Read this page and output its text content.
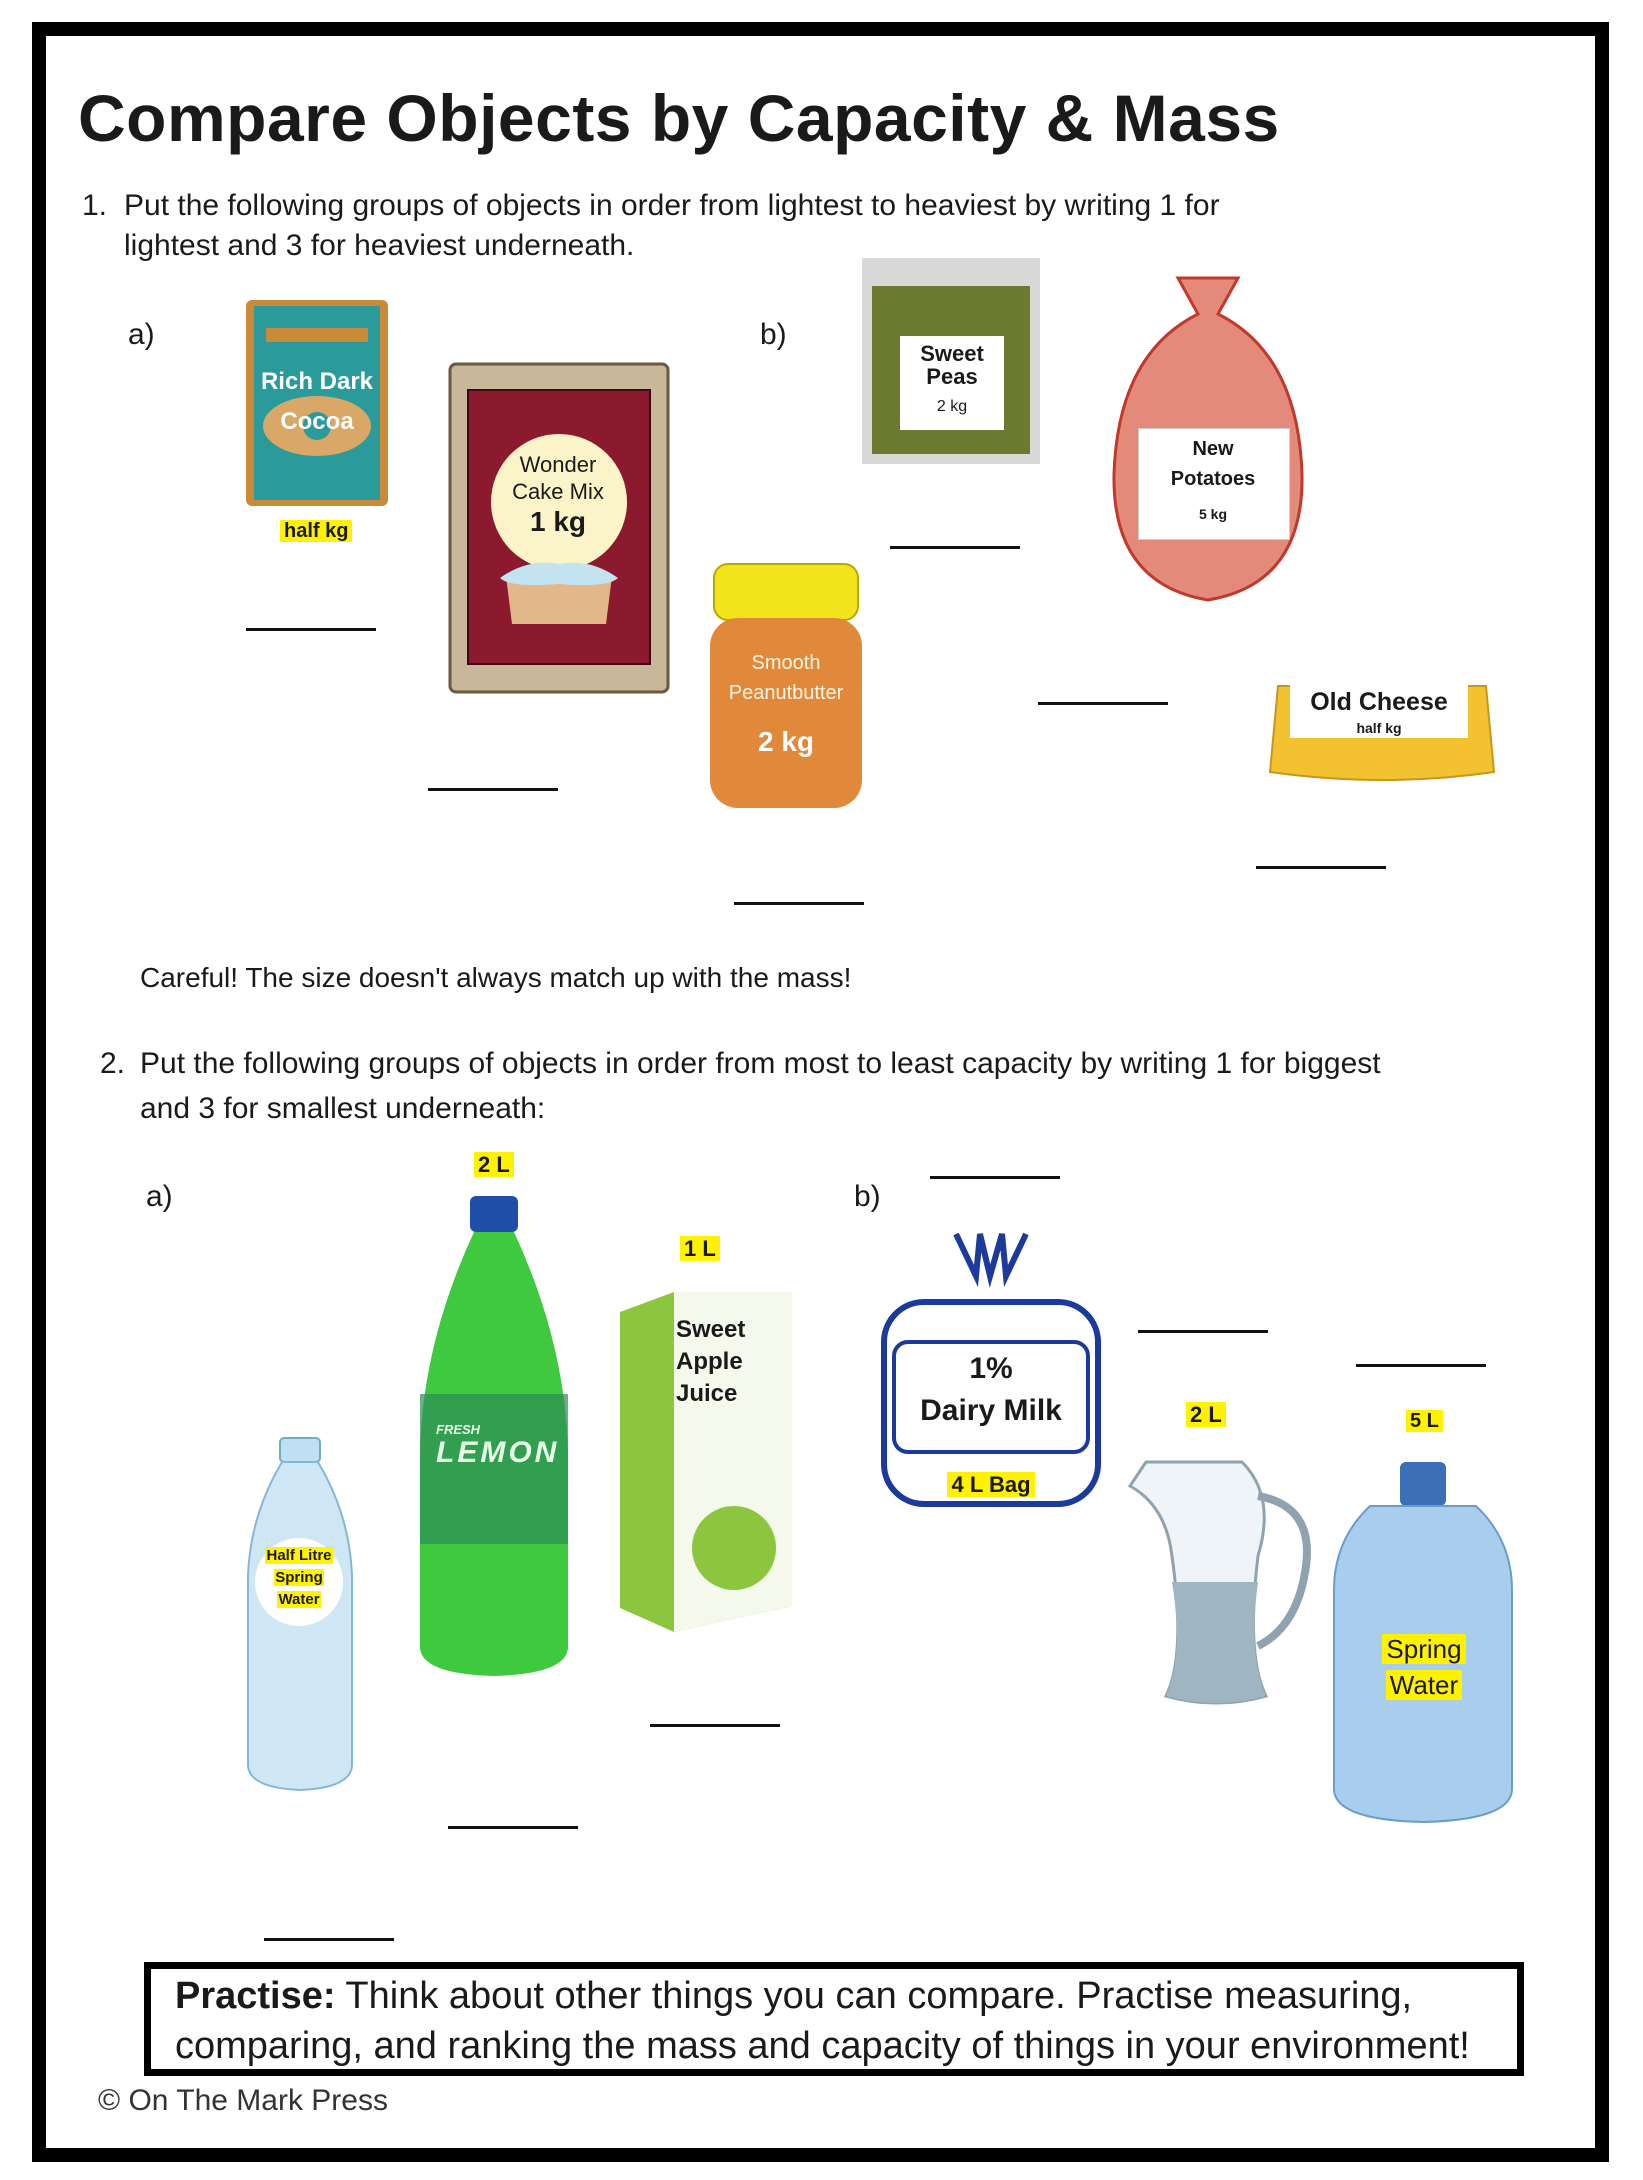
Compare Objects by Capacity & Mass
1. Put the following groups of objects in order from lightest to heaviest by writing 1 for
lightest and 3 for heaviest underneath.
a)	b)
Rich Dark
Cocoa
half kg
Wonder
Cake Mix
1 kg
Smooth
Peanutbutter
2 kg
Sweet
Peas
2 kg
New
Potatoes
5 kg
Old Cheese
half kg
Careful! The size doesn't always match up with the mass!
2. Put the following groups of objects in order from most to least capacity by writing 1 for biggest
and 3 for smallest underneath:
a)	b)
Half Litre
Spring
Water
2 L
FRESH
LEMON
1 L
Sweet
Apple
Juice
1%
Dairy Milk
4 L Bag
2 L	5 L
Spring
Water
Practise: Think about other things you can compare. Practise measuring, comparing, and ranking the mass and capacity of things in your environment!
© On The Mark Press
